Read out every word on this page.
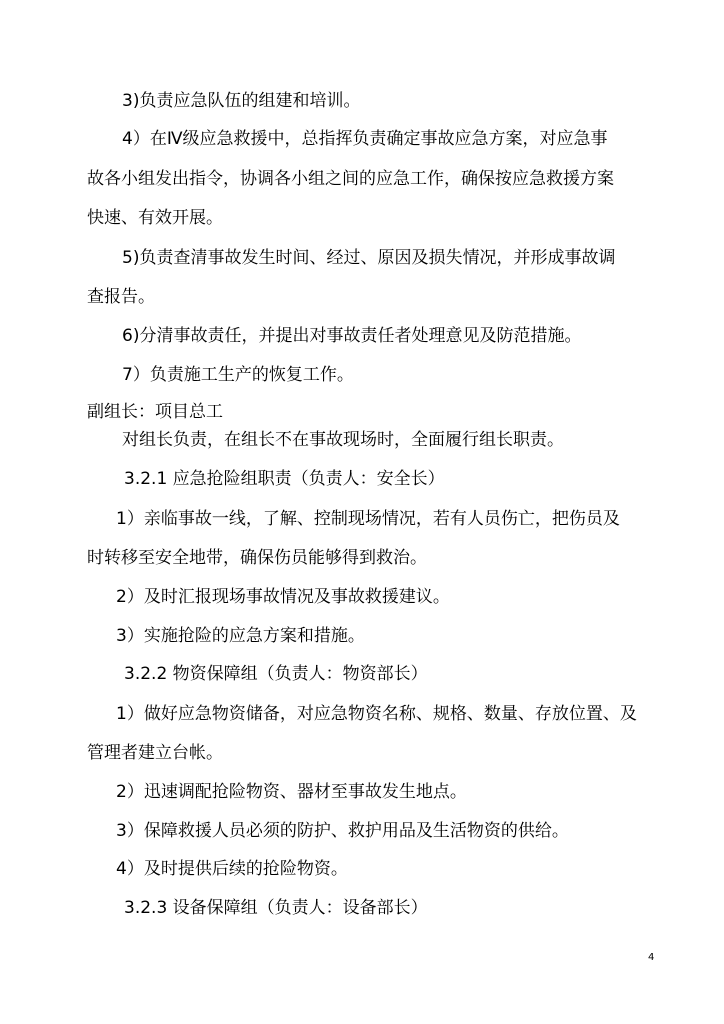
3)负责应急队伍的组建和培训。

4）在Ⅳ级应急救援中，总指挥负责确定事故应急方案，对应急事

故各小组发出指令，协调各小组之间的应急工作，确保按应急救援方案

快速、有效开展。

5)负责查清事故发生时间、经过、原因及损失情况，并形成事故调

查报告。

6)分清事故责任，并提出对事故责任者处理意见及防范措施。

7）负责施工生产的恢复工作。

副组长：项目总工

对组长负责，在组长不在事故现场时，全面履行组长职责。

3.2.1 应急抢险组职责（负责人：安全长）

1）亲临事故一线，了解、控制现场情况，若有人员伤亡，把伤员及

时转移至安全地带，确保伤员能够得到救治。

2）及时汇报现场事故情况及事故救援建议。

3）实施抢险的应急方案和措施。

3.2.2 物资保障组（负责人：物资部长）

1）做好应急物资储备，对应急物资名称、规格、数量、存放位置、及

管理者建立台帐。

2）迅速调配抢险物资、器材至事故发生地点。

3）保障救援人员必须的防护、救护用品及生活物资的供给。

4）及时提供后续的抢险物资。

3.2.3 设备保障组（负责人：设备部长）

4
